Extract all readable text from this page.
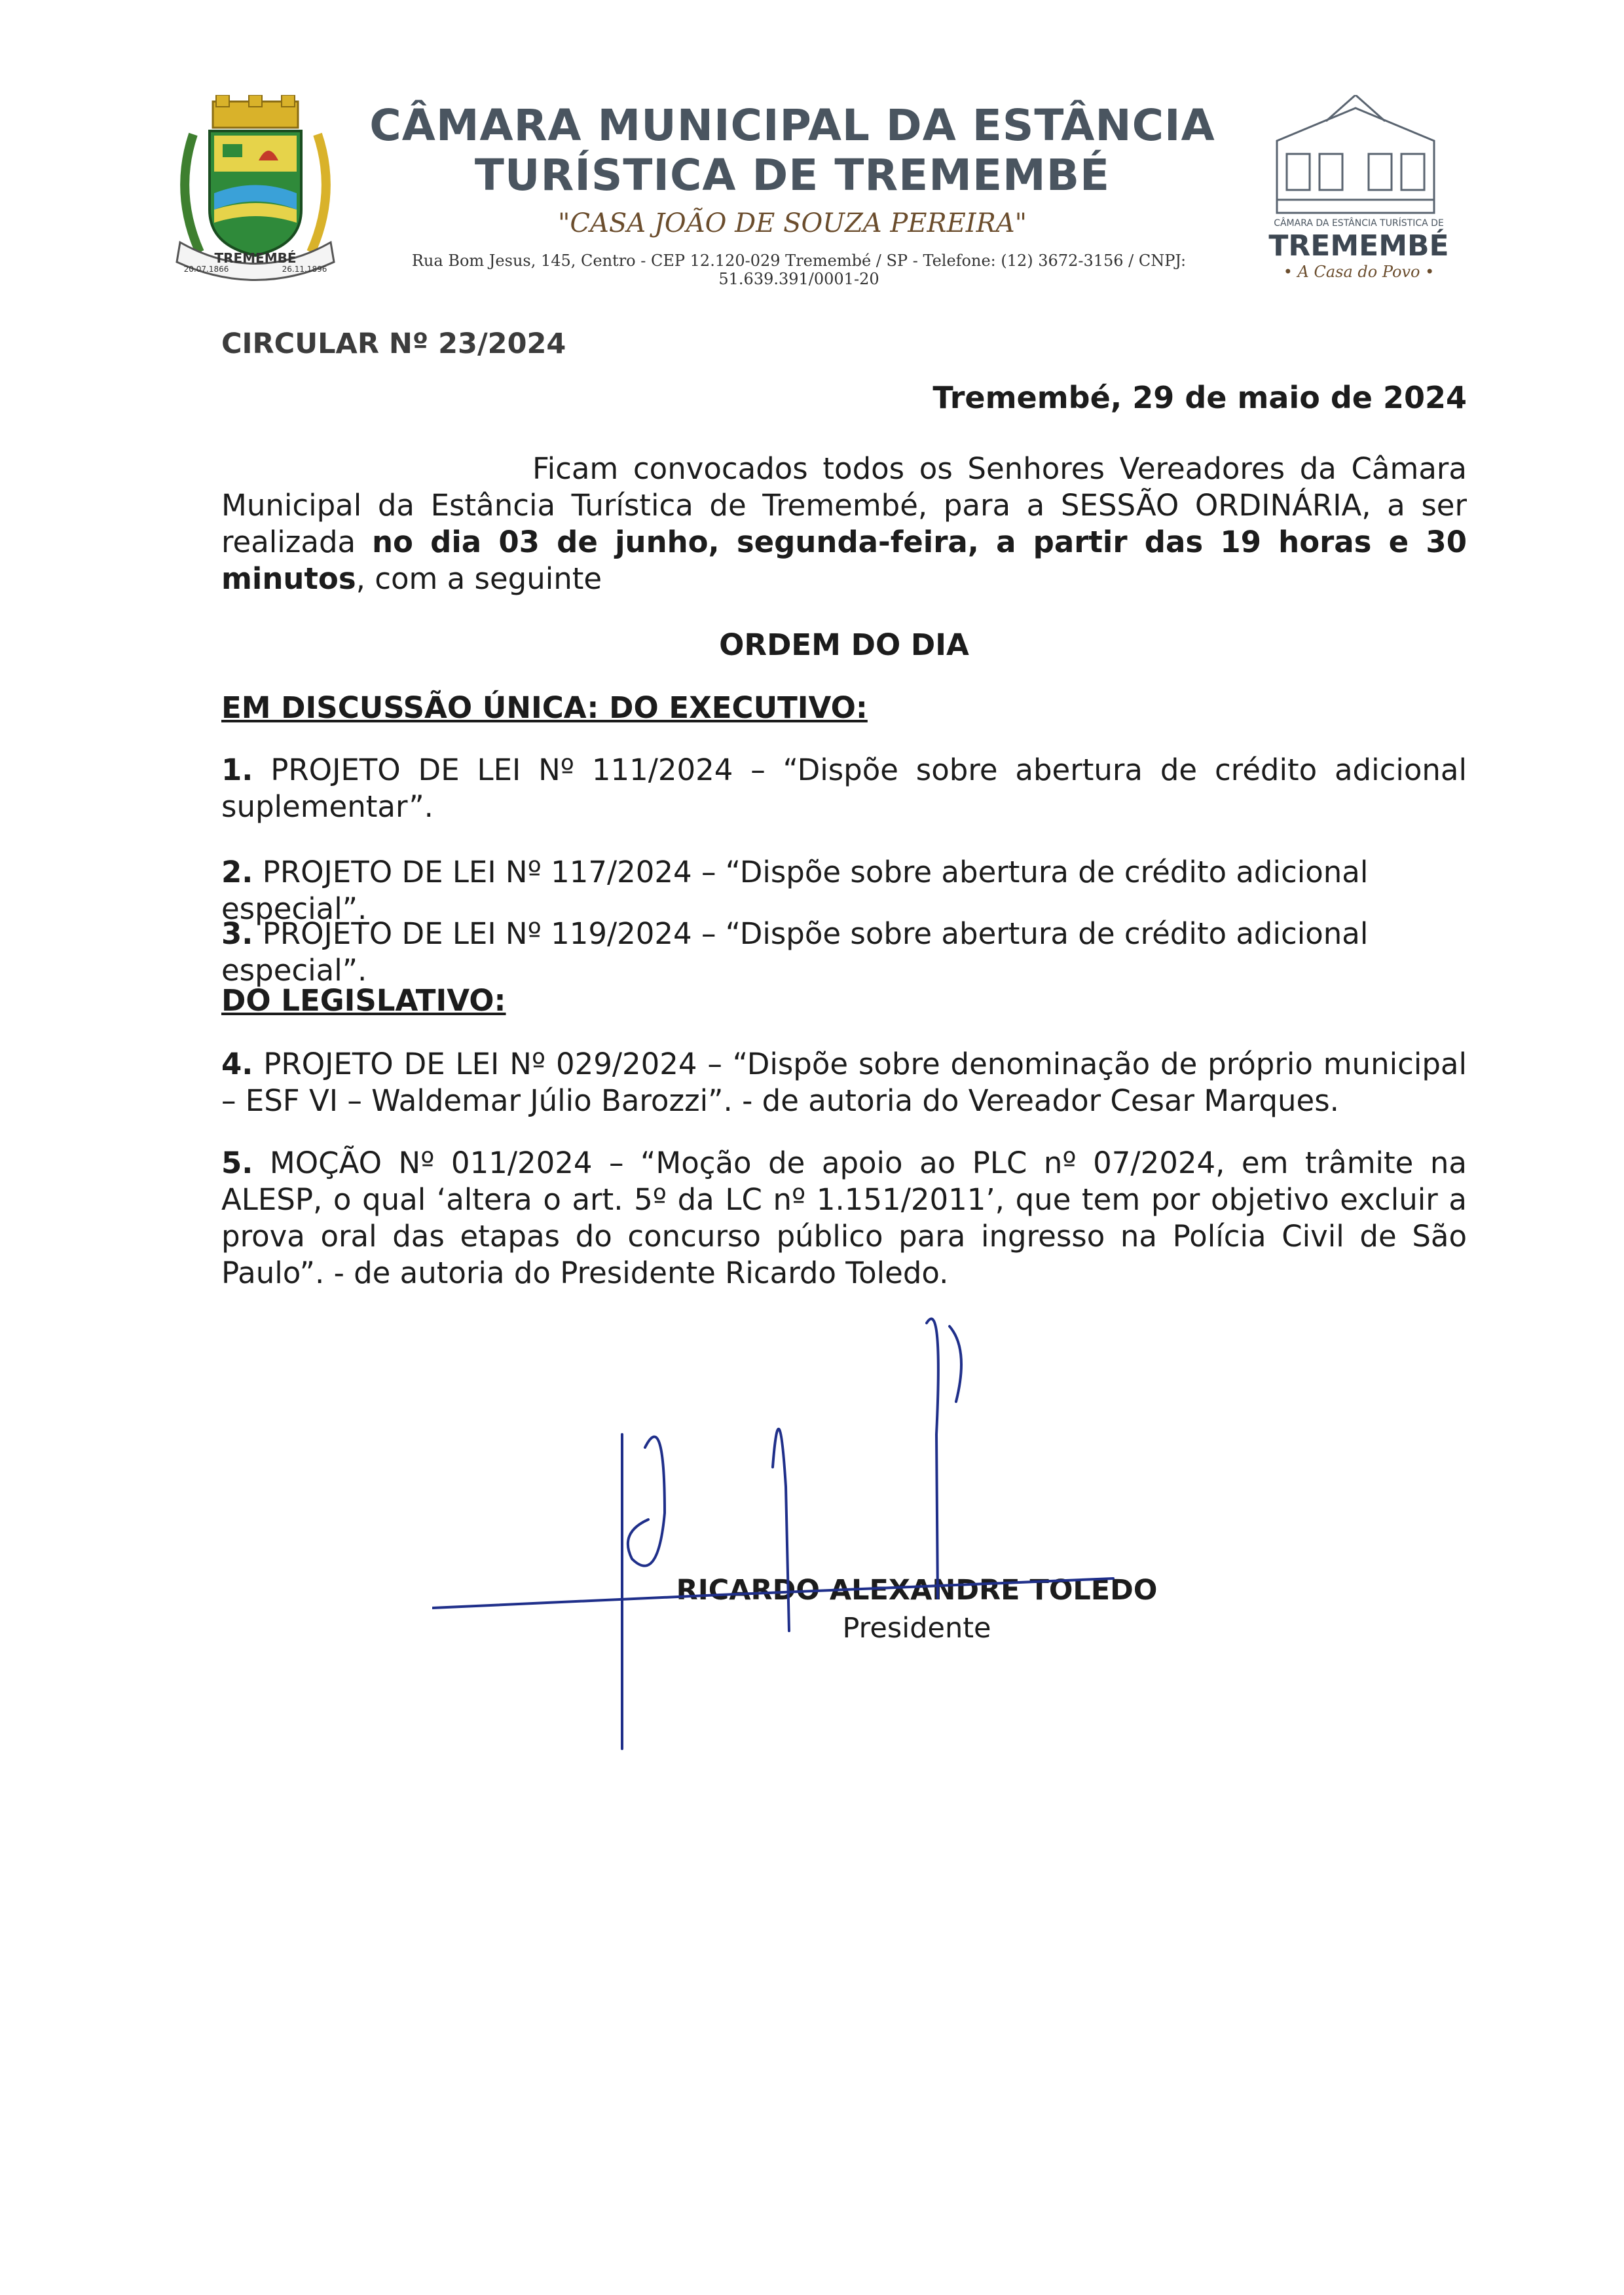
TREMEMBÉ
20.07.1866	26.11.1896
CÂMARA MUNICIPAL DA ESTÂNCIA
TURÍSTICA DE TREMEMBÉ
"CASA JOÃO DE SOUZA PEREIRA"
Rua Bom Jesus, 145, Centro - CEP 12.120-029 Tremembé / SP - Telefone: (12) 3672-3156 / CNPJ: 51.639.391/0001-20
CÂMARA DA ESTÂNCIA TURÍSTICA DE
TREMEMBÉ
• A Casa do Povo •
CIRCULAR Nº 23/2024
Tremembé, 29 de maio de 2024
Ficam convocados todos os Senhores Vereadores da Câmara Municipal da Estância Turística de Tremembé, para a SESSÃO ORDINÁRIA, a ser realizada no dia 03 de junho, segunda-feira, a partir das 19 horas e 30 minutos, com a seguinte
ORDEM DO DIA
EM DISCUSSÃO ÚNICA: DO EXECUTIVO:
1. PROJETO DE LEI Nº 111/2024 – “Dispõe sobre abertura de crédito adicional suplementar”.
2. PROJETO DE LEI Nº 117/2024 – “Dispõe sobre abertura de crédito adicional especial”.
3. PROJETO DE LEI Nº 119/2024 – “Dispõe sobre abertura de crédito adicional especial”.
DO LEGISLATIVO:
4. PROJETO DE LEI Nº 029/2024 – “Dispõe sobre denominação de próprio municipal – ESF VI – Waldemar Júlio Barozzi”. - de autoria do Vereador Cesar Marques.
5. MOÇÃO Nº 011/2024 – “Moção de apoio ao PLC nº 07/2024, em trâmite na ALESP, o qual ‘altera o art. 5º da LC nº 1.151/2011’, que tem por objetivo excluir a prova oral das etapas do concurso público para ingresso na Polícia Civil de São Paulo”. - de autoria do Presidente Ricardo Toledo.
RICARDO ALEXANDRE TOLEDO
Presidente
